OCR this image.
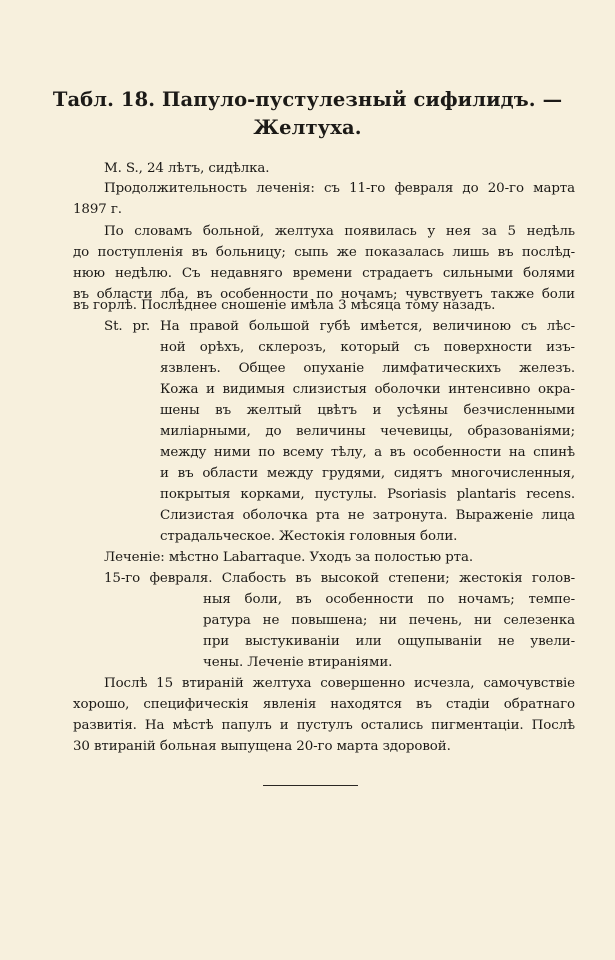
Табл. 18. Папуло-пустулезный сифилидъ. —
Желтуха.
M. S., 24 лѣтъ, сидѣлка.
Продолжительность леченія: съ 11-го февраля до 20-го марта
1897 г.
По словамъ больной, желтуха появилась у нея за 5 недѣль
до поступленія въ больницу; сыпь же показалась лишь въ послѣд-
нюю недѣлю. Съ недавняго времени страдаетъ сильными болями
въ области лба, въ особенности по ночамъ; чувствуетъ также боли
въ горлѣ. Послѣднее сношеніе имѣла 3 мѣсяца тому назадъ.
St. pr. На правой большой губѣ имѣется, величиною съ лѣс-
ной орѣхъ, склерозъ, который съ поверхности изъ-
язвленъ. Общее опуханіе лимфатическихъ железъ.
Кожа и видимыя слизистыя оболочки интенсивно окра-
шены въ желтый цвѣтъ и усѣяны безчисленными
миліарными, до величины чечевицы, образованіями;
между ними по всему тѣлу, а въ особенности на спинѣ
и въ области между грудями, сидятъ многочисленныя,
покрытыя корками, пустулы. Psoriasis plantaris recens.
Слизистая оболочка рта не затронута. Выраженіе лица
страдальческое. Жестокія головныя боли.
Леченіе: мѣстно Labarraque. Уходъ за полостью рта.
15-го февраля. Слабость въ высокой степени; жестокія голов-
ныя боли, въ особенности по ночамъ; темпе-
ратура не повышена; ни печень, ни селезенка
при выстукиваніи или ощупываніи не увели-
чены. Леченіе втираніями.
Послѣ 15 втираній желтуха совершенно исчезла, самочувствіе
хорошо, специфическія явленія находятся въ стадіи обратнаго
развитія. На мѣстѣ папулъ и пустулъ остались пигментаціи. Послѣ
30 втираній больная выпущена 20-го марта здоровой.
